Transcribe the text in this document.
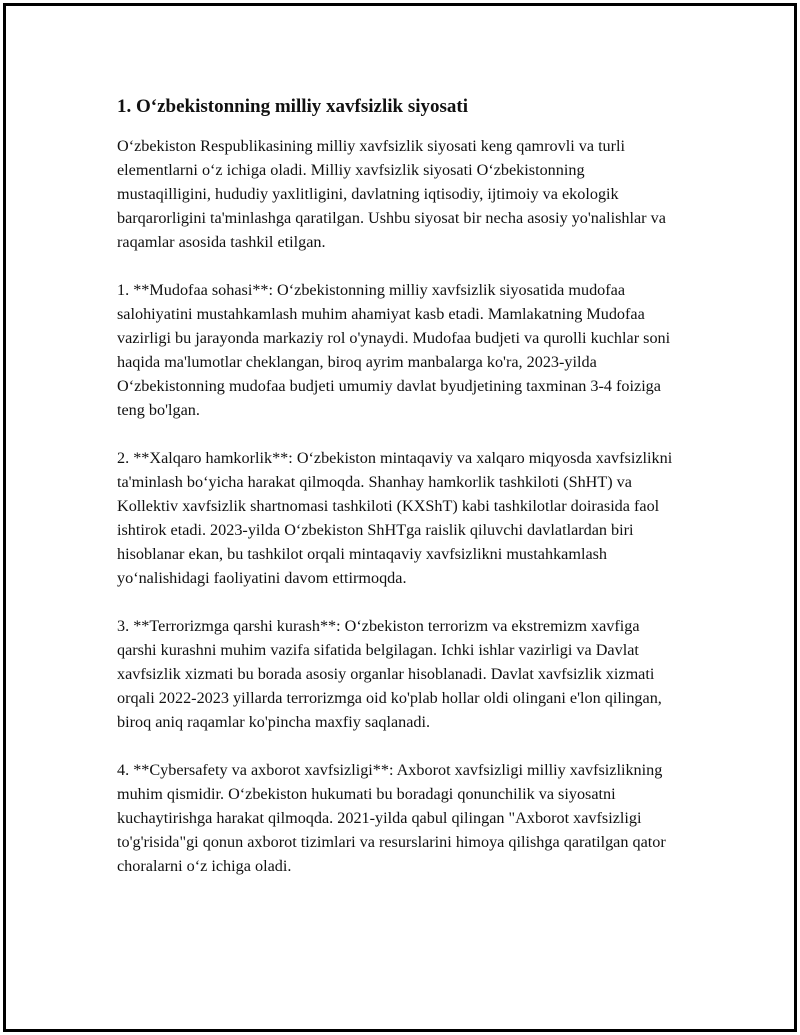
1. O‘zbekistonning milliy xavfsizlik siyosati

O‘zbekiston Respublikasining milliy xavfsizlik siyosati keng qamrovli va turli elementlarni o‘z ichiga oladi. Milliy xavfsizlik siyosati O‘zbekistonning mustaqilligini, hududiy yaxlitligini, davlatning iqtisodiy, ijtimoiy va ekologik barqarorligini ta'minlashga qaratilgan. Ushbu siyosat bir necha asosiy yo'nalishlar va raqamlar asosida tashkil etilgan.

1. **Mudofaa sohasi**: O‘zbekistonning milliy xavfsizlik siyosatida mudofaa salohiyatini mustahkamlash muhim ahamiyat kasb etadi. Mamlakatning Mudofaa vazirligi bu jarayonda markaziy rol o'ynaydi. Mudofaa budjeti va qurolli kuchlar soni haqida ma'lumotlar cheklangan, biroq ayrim manbalarga ko'ra, 2023-yilda O‘zbekistonning mudofaa budjeti umumiy davlat byudjetining taxminan 3-4 foiziga teng bo'lgan.

2. **Xalqaro hamkorlik**: O‘zbekiston mintaqaviy va xalqaro miqyosda xavfsizlikni ta'minlash bo‘yicha harakat qilmoqda. Shanhay hamkorlik tashkiloti (ShHT) va Kollektiv xavfsizlik shartnomasi tashkiloti (KXShT) kabi tashkilotlar doirasida faol ishtirok etadi. 2023-yilda O‘zbekiston ShHTga raislik qiluvchi davlatlardan biri hisoblanar ekan, bu tashkilot orqali mintaqaviy xavfsizlikni mustahkamlash yo‘nalishidagi faoliyatini davom ettirmoqda.

3. **Terrorizmga qarshi kurash**: O‘zbekiston terrorizm va ekstremizm xavfiga qarshi kurashni muhim vazifa sifatida belgilagan. Ichki ishlar vazirligi va Davlat xavfsizlik xizmati bu borada asosiy organlar hisoblanadi. Davlat xavfsizlik xizmati orqali 2022-2023 yillarda terrorizmga oid ko'plab hollar oldi olingani e'lon qilingan, biroq aniq raqamlar ko'pincha maxfiy saqlanadi.

4. **Cybersafety va axborot xavfsizligi**: Axborot xavfsizligi milliy xavfsizlikning muhim qismidir. O‘zbekiston hukumati bu boradagi qonunchilik va siyosatni kuchaytirishga harakat qilmoqda. 2021-yilda qabul qilingan "Axborot xavfsizligi to'g'risida"gi qonun axborot tizimlari va resurslarini himoya qilishga qaratilgan qator choralarni o‘z ichiga oladi.
